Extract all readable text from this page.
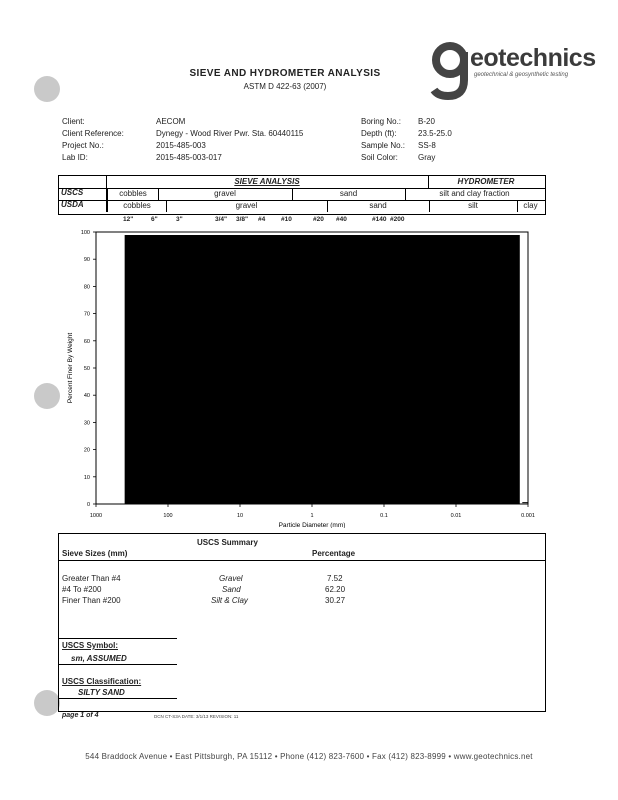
eotechnics
geotechnical & geosynthetic testing
SIEVE AND HYDROMETER ANALYSIS
ASTM D 422-63 (2007)
Client:	AECOM
Client Reference:	Dynegy - Wood River Pwr. Sta. 60440115
Project No.:	2015-485-003
Lab ID:	2015-485-003-017
Boring No.: B-20
Depth (ft):	23.5-25.0
Sample No.: SS-8
Soil Color:	Gray
SIEVE ANALYSIS	HYDROMETER
USCS	cobbles	gravel	sand	silt and clay fraction
USDA	cobbles	gravel	sand	silt	clay
12"	6"	3"	3/4" 3/8" #4 #10	#20 #40	#140 #200
0
10
20
30
40
50
60
70
80
90
100
1000	100	10	1	0.1	0.01	0.001
Particle Diameter (mm)
Percent Finer By Weight
USCS Summary
Sieve Sizes (mm)	Percentage
Greater Than #4	Gravel	7.52
#4 To #200	Sand	62.20
Finer Than #200	Silt & Clay	30.27
USCS Symbol:
sm, ASSUMED
USCS Classification:
SILTY SAND
page 1 of 4	DCN CT-S3A DATE: 3/1/13 REVISION: 11
544 Braddock Avenue • East Pittsburgh, PA 15112 • Phone (412) 823-7600 • Fax (412) 823-8999 • www.geotechnics.net
